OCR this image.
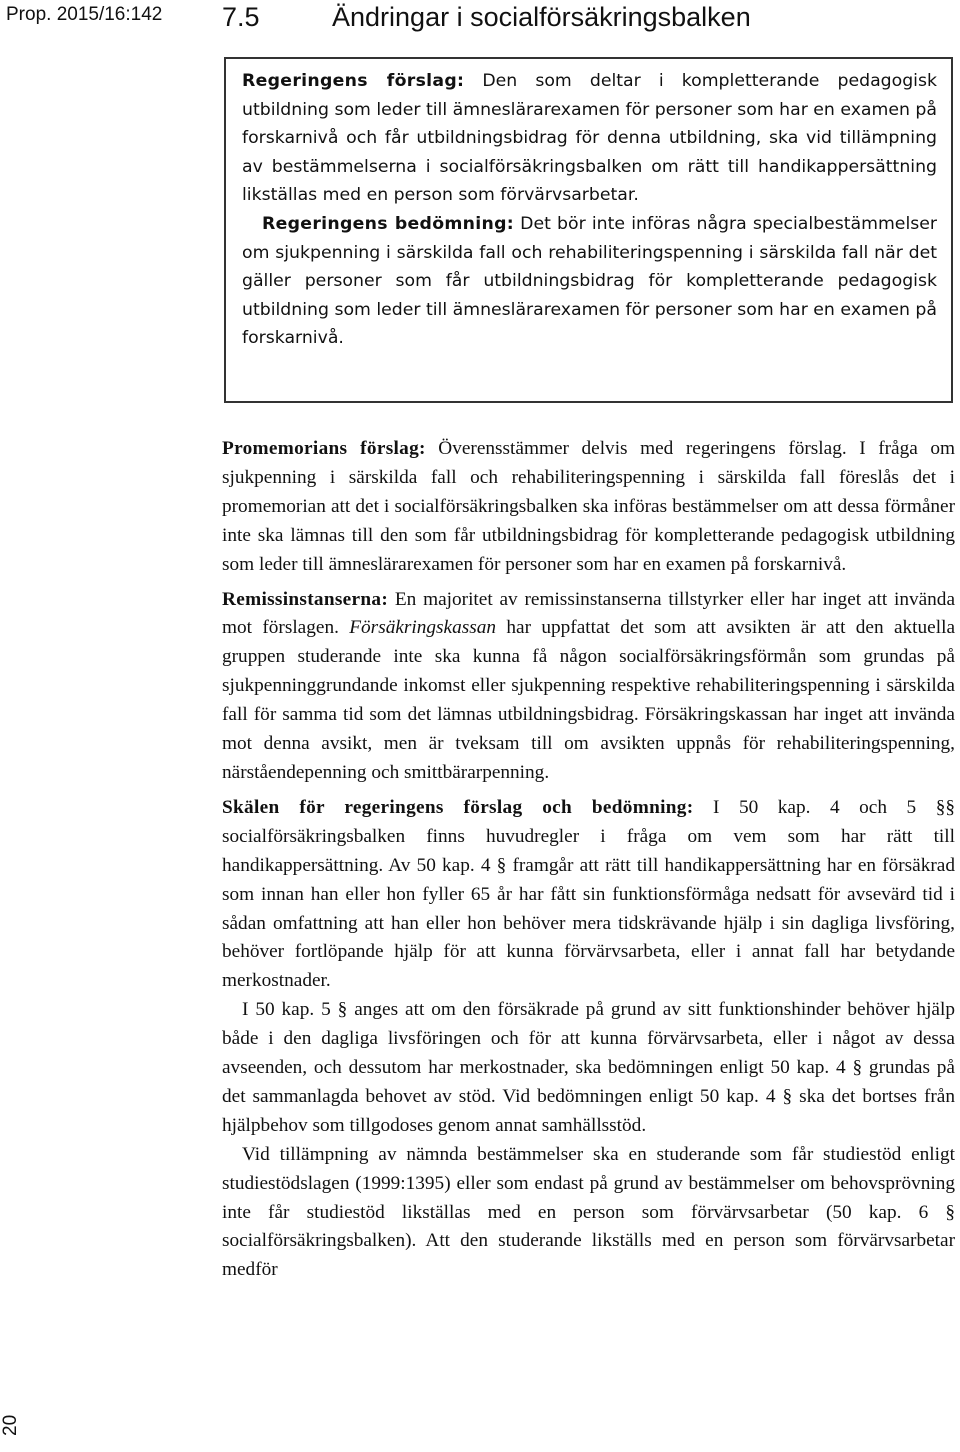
Prop. 2015/16:142 7.5	Ändringar i socialförsäkringsbalken
20

Regeringens förslag: Den som deltar i kompletterande pedagogisk utbildning som leder till ämneslärarexamen för personer som har en examen på forskarnivå och får utbildningsbidrag för denna utbildning, ska vid tillämpning av bestämmelserna i socialförsäkringsbalken om rätt till handikappersättning likställas med en person som förvärvsarbetar.

Regeringens bedömning: Det bör inte införas några specialbestämmelser om sjukpenning i särskilda fall och rehabiliteringspenning i särskilda fall när det gäller personer som får utbildningsbidrag för kompletterande pedagogisk utbildning som leder till ämneslärarexamen för personer som har en examen på forskarnivå.

Promemorians förslag: Överensstämmer delvis med regeringens förslag. I fråga om sjukpenning i särskilda fall och rehabiliteringspenning i särskilda fall föreslås det i promemorian att det i socialförsäkringsbalken ska införas bestämmelser om att dessa förmåner inte ska lämnas till den som får utbildningsbidrag för kompletterande pedagogisk utbildning som leder till ämneslärarexamen för personer som har en examen på forskarnivå.

Remissinstanserna: En majoritet av remissinstanserna tillstyrker eller har inget att invända mot förslagen. Försäkringskassan har uppfattat det som att avsikten är att den aktuella gruppen studerande inte ska kunna få någon socialförsäkringsförmån som grundas på sjukpenninggrundande inkomst eller sjukpenning respektive rehabiliteringspenning i särskilda fall för samma tid som det lämnas utbildningsbidrag. Försäkringskassan har inget att invända mot denna avsikt, men är tveksam till om avsikten uppnås för rehabiliteringspenning, närståendepenning och smittbärarpenning.

Skälen för regeringens förslag och bedömning: I 50 kap. 4 och 5 §§ socialförsäkringsbalken finns huvudregler i fråga om vem som har rätt till handikappersättning. Av 50 kap. 4 § framgår att rätt till handikappersättning har en försäkrad som innan han eller hon fyller 65 år har fått sin funktionsförmåga nedsatt för avsevärd tid i sådan omfattning att han eller hon behöver mera tidskrävande hjälp i sin dagliga livsföring, behöver fortlöpande hjälp för att kunna förvärvsarbeta, eller i annat fall har betydande merkostnader.

I 50 kap. 5 § anges att om den försäkrade på grund av sitt funktionshinder behöver hjälp både i den dagliga livsföringen och för att kunna förvärvsarbeta, eller i något av dessa avseenden, och dessutom har merkostnader, ska bedömningen enligt 50 kap. 4 § grundas på det sammanlagda behovet av stöd. Vid bedömningen enligt 50 kap. 4 § ska det bortses från hjälpbehov som tillgodoses genom annat samhällsstöd.

Vid tillämpning av nämnda bestämmelser ska en studerande som får studiestöd enligt studiestödslagen (1999:1395) eller som endast på grund av bestämmelser om behovsprövning inte får studiestöd likställas med en person som förvärvsarbetar (50 kap. 6 § socialförsäkringsbalken). Att den studerande likställs med en person som förvärvsarbetar medför
